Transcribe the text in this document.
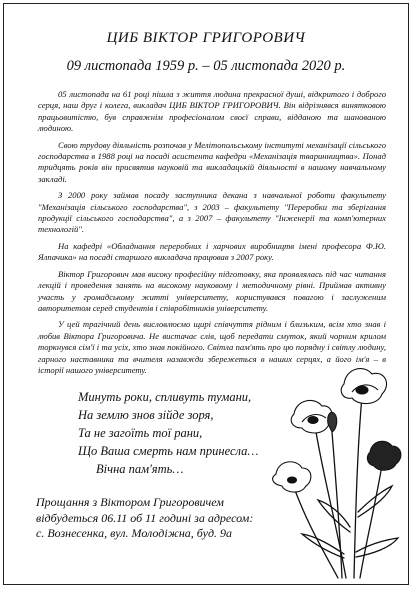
ЦИБ ВІКТОР ГРИГОРОВИЧ
09 листопада 1959 р. – 05 листопада 2020 р.

05 листопада на 61 році пішла з життя людина прекрасної душі, відкритого і доброго серця, наш друг і колега, викладач ЦИБ ВІКТОР ГРИГОРОВИЧ. Він відрізнявся винятковою працьовитістю, був справжнім професіоналом своєї справи, відданою та шанованою людиною.

Свою трудову діяльність розпочав у Мелітопольському інституті механізації сільського господарства в 1988 році на посаді асистента кафедри «Механізація тваринництва». Понад тридцять років він присвятив науковій та викладацькій діяльності в нашому навчальному закладі.

З 2000 року займав посаду заступника декана з навчальної роботи факультету "Механізація сільського господарства", з 2003 – факультету "Переробки та зберігання продукції сільського господарства", а з 2007 – факультету "Інженерії та комп'ютерних технологій".

На кафедрі «Обладнання переробних і харчових виробництв імені професора Ф.Ю. Ялпачика» на посаді старшого викладача працював з 2007 року.

Віктор Григорович мав високу професійну підготовку, яка проявлялась під час читання лекцій і проведення занять на високому науковому і методичному рівні. Приймав активну участь у громадському житті університету, користувався повагою і заслуженим авторитетом серед студентів і співробітників університету.

У цей трагічний день висловлюємо щирі співчуття рідним і близьким, всім хто знав і любив Віктора Григоровича. Не вистачає слів, щоб передати смуток, який чорним крилом торкнувся сім'ї і та усіх, хто знав покійного. Світла пам'ять про цю порядну і світлу людину, гарного наставника та вчителя назавжди збережеться в наших серцях, а його ім'я – в історії нашого університету.

Минуть роки, спливуть тумани,
На землю знов зійде зоря,
Та не загоїть тої рани,
Що Ваша смерть нам принесла…
Вічна пам'ять…
Прощання з Віктором Григоровичем
відбудеться 06.11 об 11 годині за адресом:
с. Вознесенка, вул. Молодіжна, буд. 9а
